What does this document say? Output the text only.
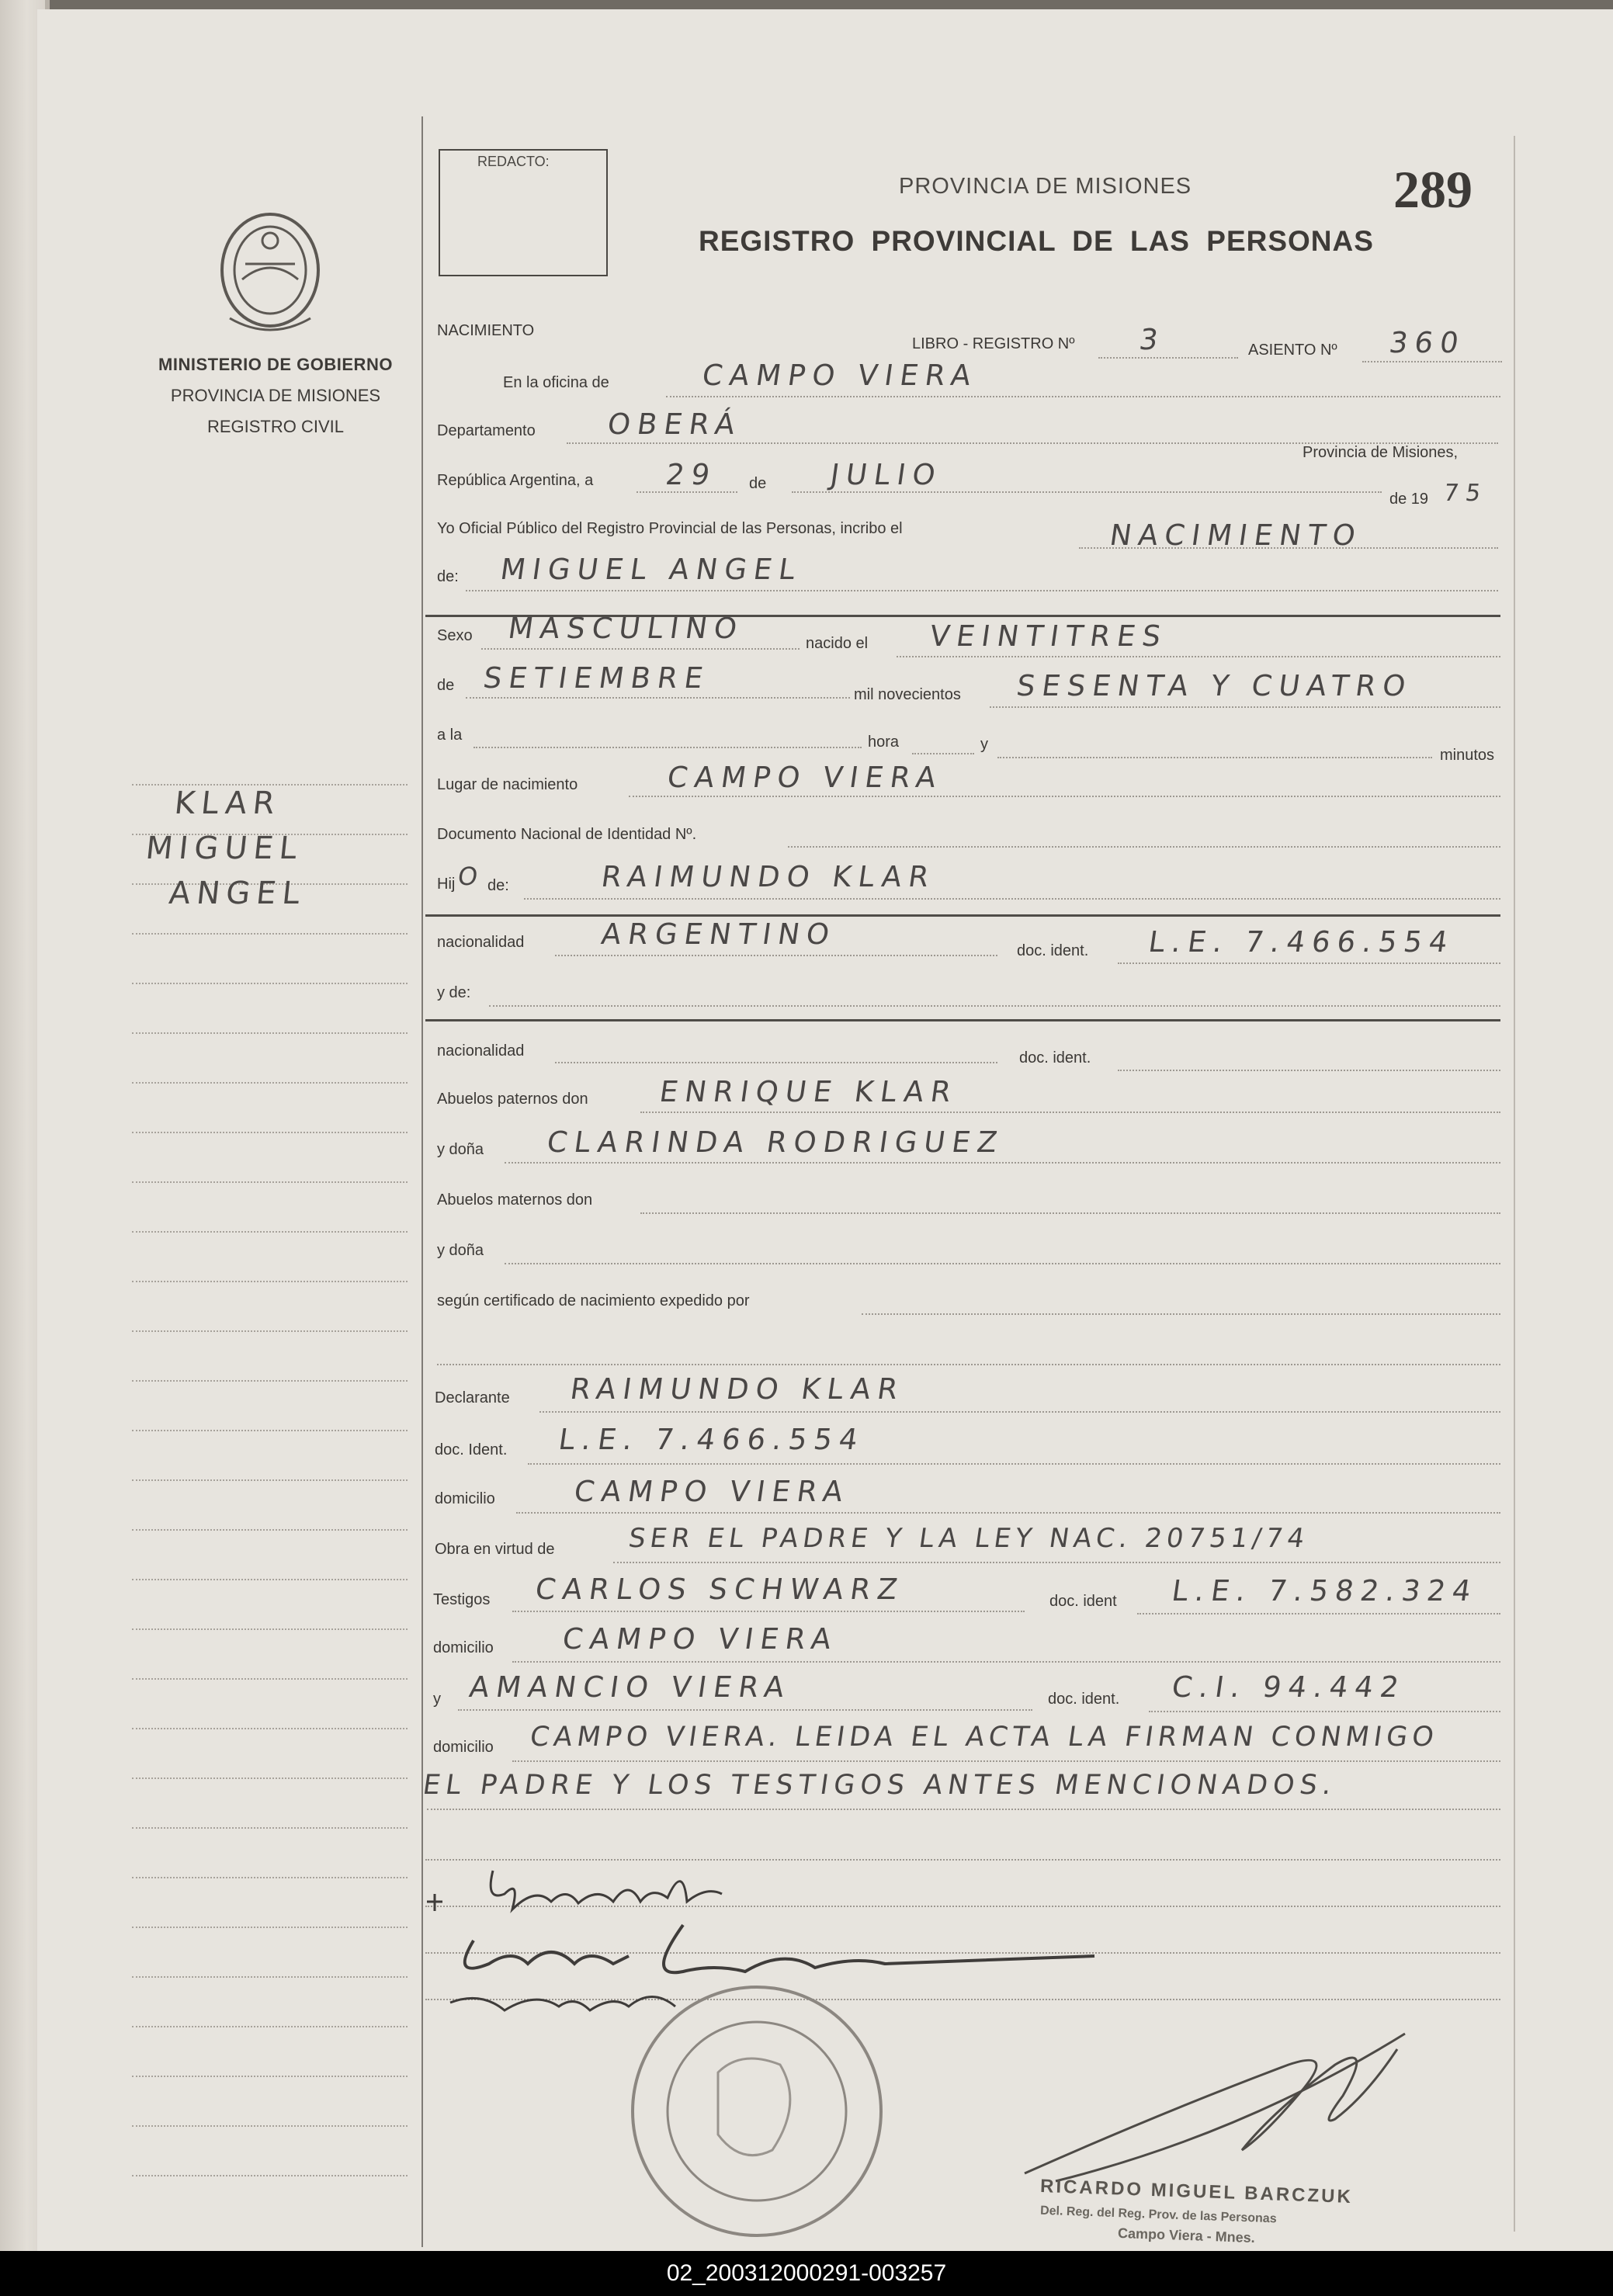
REDACTO:
PROVINCIA DE MISIONES	289
REGISTRO PROVINCIAL DE LAS PERSONAS
MINISTERIO DE GOBIERNO
PROVINCIA DE MISIONES
REGISTRO CIVIL
KLAR
MIGUEL
ANGEL
NACIMIENTO
LIBRO - REGISTRO Nº 3	ASIENTO Nº 360
En la oficina de	CAMPO VIERA
Departamento OBERÁ
Provincia de Misiones,
República Argentina, a 29 de JULIO
de 19 75
Yo Oficial Público del Registro Provincial de las Personas, incribo el	NACIMIENTO
de: MIGUEL ANGEL
Sexo MASCULINO	nacido el VEINTITRES
de SETIEMBRE	mil novecientos SESENTA Y CUATRO
a la	hora	y
minutos
Lugar de nacimiento	CAMPO VIERA
Documento Nacional de Identidad Nº.
Hij O de:	RAIMUNDO KLAR
nacionalidad	ARGENTINO	doc. ident. L.E. 7.466.554
y de:
nacionalidad	doc. ident.
Abuelos paternos don ENRIQUE KLAR
y doña CLARINDA RODRIGUEZ
Abuelos maternos don
y doña
según certificado de nacimiento expedido por
Declarante RAIMUNDO KLAR
doc. Ident. L.E. 7.466.554
domicilio	CAMPO VIERA
Obra en virtud de	SER EL PADRE Y LA LEY NAC. 20751/74
Testigos CARLOS SCHWARZ	doc. ident L.E. 7.582.324
domicilio CAMPO VIERA
y AMANCIO VIERA	doc. ident. C.I. 94.442
domicilio CAMPO VIERA. LEIDA EL ACTA LA FIRMAN CONMIGO
EL PADRE Y LOS TESTIGOS ANTES MENCIONADOS.
RICARDO MIGUEL BARCZUK
Del. Reg. del Reg. Prov. de las Personas
Campo Viera - Mnes.
02_200312000291-003257
